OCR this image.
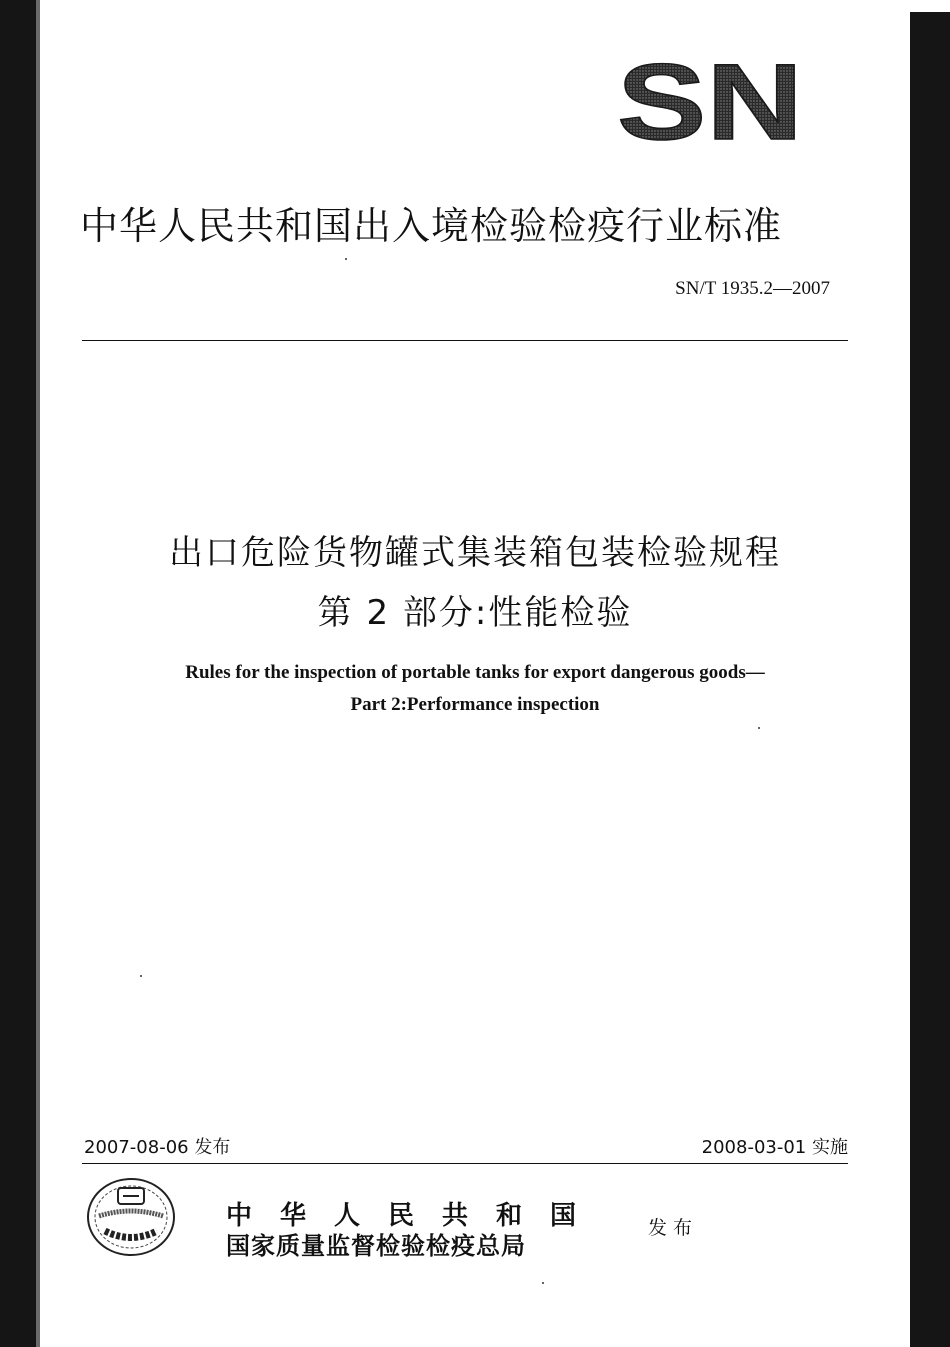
SN
中华人民共和国出入境检验检疫行业标准
SN/T 1935.2—2007
出口危险货物罐式集装箱包装检验规程
第 2 部分:性能检验
Rules for the inspection of portable tanks for export dangerous goods—
Part 2:Performance inspection
2007-08-06 发布	2008-03-01 实施
中华人民共和国
国家质量监督检验检疫总局
发布
